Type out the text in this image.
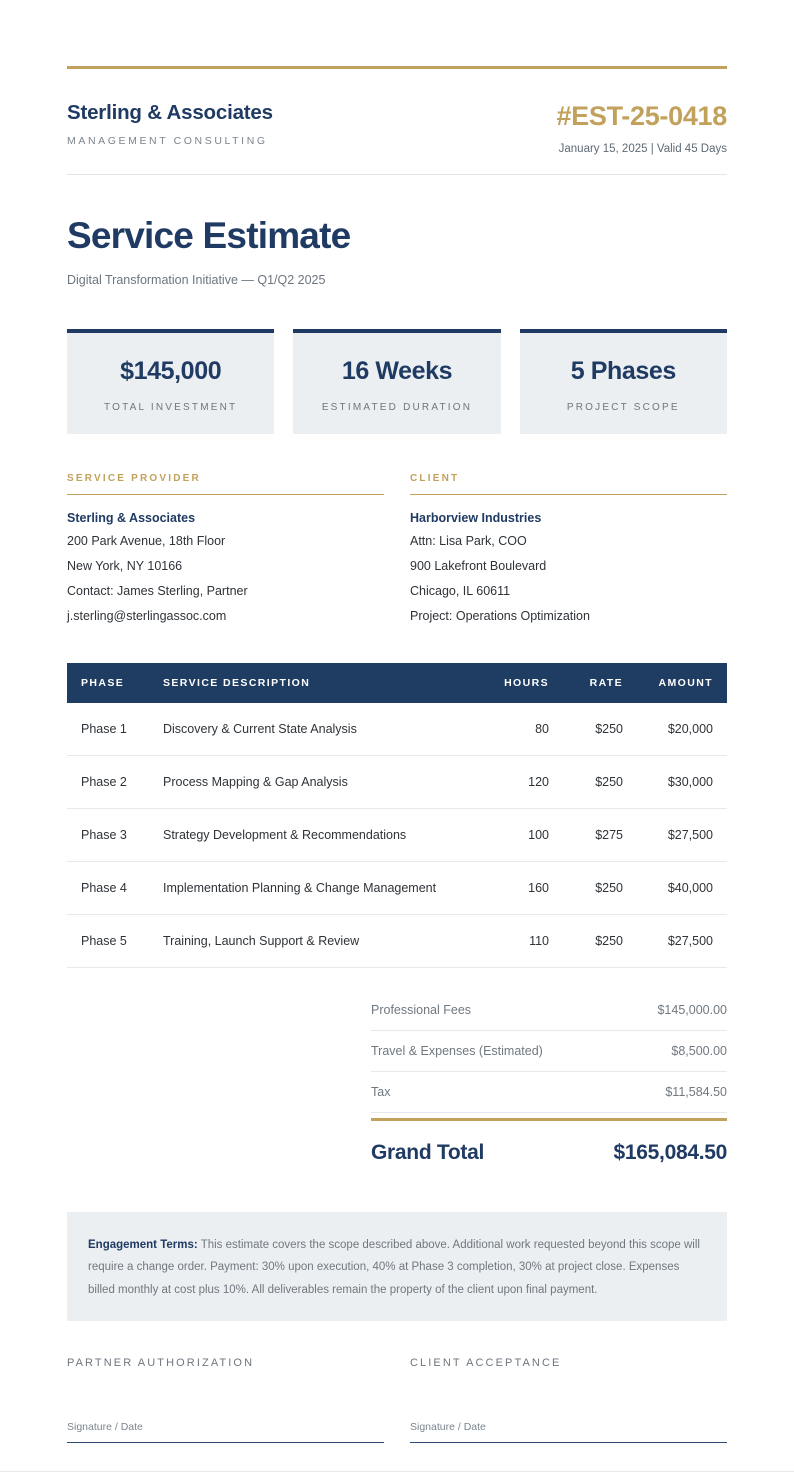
Sterling & Associates
MANAGEMENT CONSULTING
#EST-25-0418
January 15, 2025 | Valid 45 Days
Service Estimate
Digital Transformation Initiative — Q1/Q2 2025
$145,000
TOTAL INVESTMENT
16 Weeks
ESTIMATED DURATION
5 Phases
PROJECT SCOPE
SERVICE PROVIDER
Sterling & Associates
200 Park Avenue, 18th Floor
New York, NY 10166
Contact: James Sterling, Partner
j.sterling@sterlingassoc.com
CLIENT
Harborview Industries
Attn: Lisa Park, COO
900 Lakefront Boulevard
Chicago, IL 60611
Project: Operations Optimization
PHASE	SERVICE DESCRIPTION	HOURS	RATE	AMOUNT
Phase 1	Discovery & Current State Analysis	80	$250	$20,000
Phase 2	Process Mapping & Gap Analysis	120	$250	$30,000
Phase 3	Strategy Development & Recommendations	100	$275	$27,500
Phase 4	Implementation Planning & Change Management	160	$250	$40,000
Phase 5	Training, Launch Support & Review	110	$250	$27,500
Professional Fees	$145,000.00
Travel & Expenses (Estimated)	$8,500.00
Tax	$11,584.50
Grand Total	$165,084.50

Engagement Terms: This estimate covers the scope described above. Additional work requested beyond this scope will require a change order. Payment: 30% upon execution, 40% at Phase 3 completion, 30% at project close. Expenses billed monthly at cost plus 10%. All deliverables remain the property of the client upon final payment.

PARTNER AUTHORIZATION
Signature / Date
CLIENT ACCEPTANCE
Signature / Date
